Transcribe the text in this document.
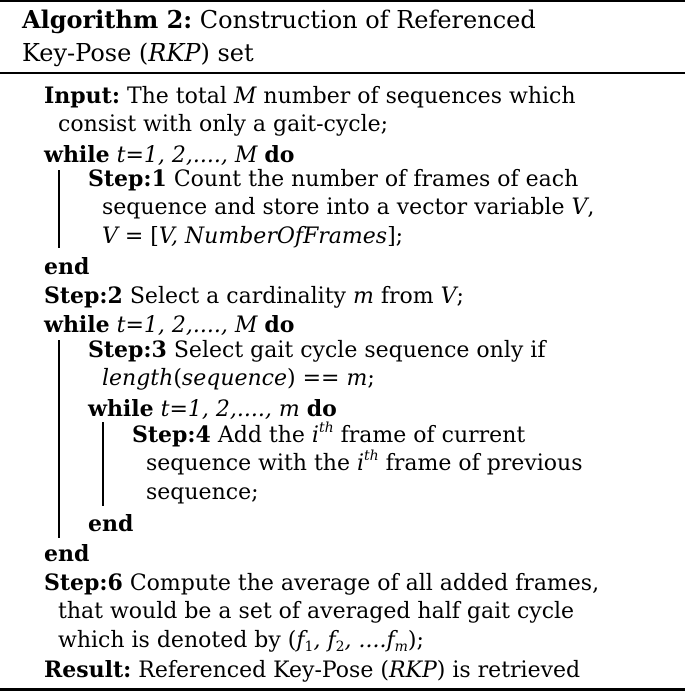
Algorithm 2: Construction of Referenced
Key-Pose (RKP) set
Input: The total M number of sequences which
consist with only a gait-cycle;
while t=1, 2,...., M do
Step:1 Count the number of frames of each
sequence and store into a vector variable V,
V = [V, NumberOfFrames];
end
Step:2 Select a cardinality m from V;
while t=1, 2,...., M do
Step:3 Select gait cycle sequence only if
length(sequence) == m;
while t=1, 2,...., m do
Step:4 Add the $i^{th}$ frame of current
sequence with the $i^{th}$ frame of previous
sequence;
end
end
Step:6 Compute the average of all added frames,
that would be a set of averaged half gait cycle
which is denoted by ($f_1$, $f_2$, $....f_m$);
Result: Referenced Key-Pose (RKP) is retrieved
